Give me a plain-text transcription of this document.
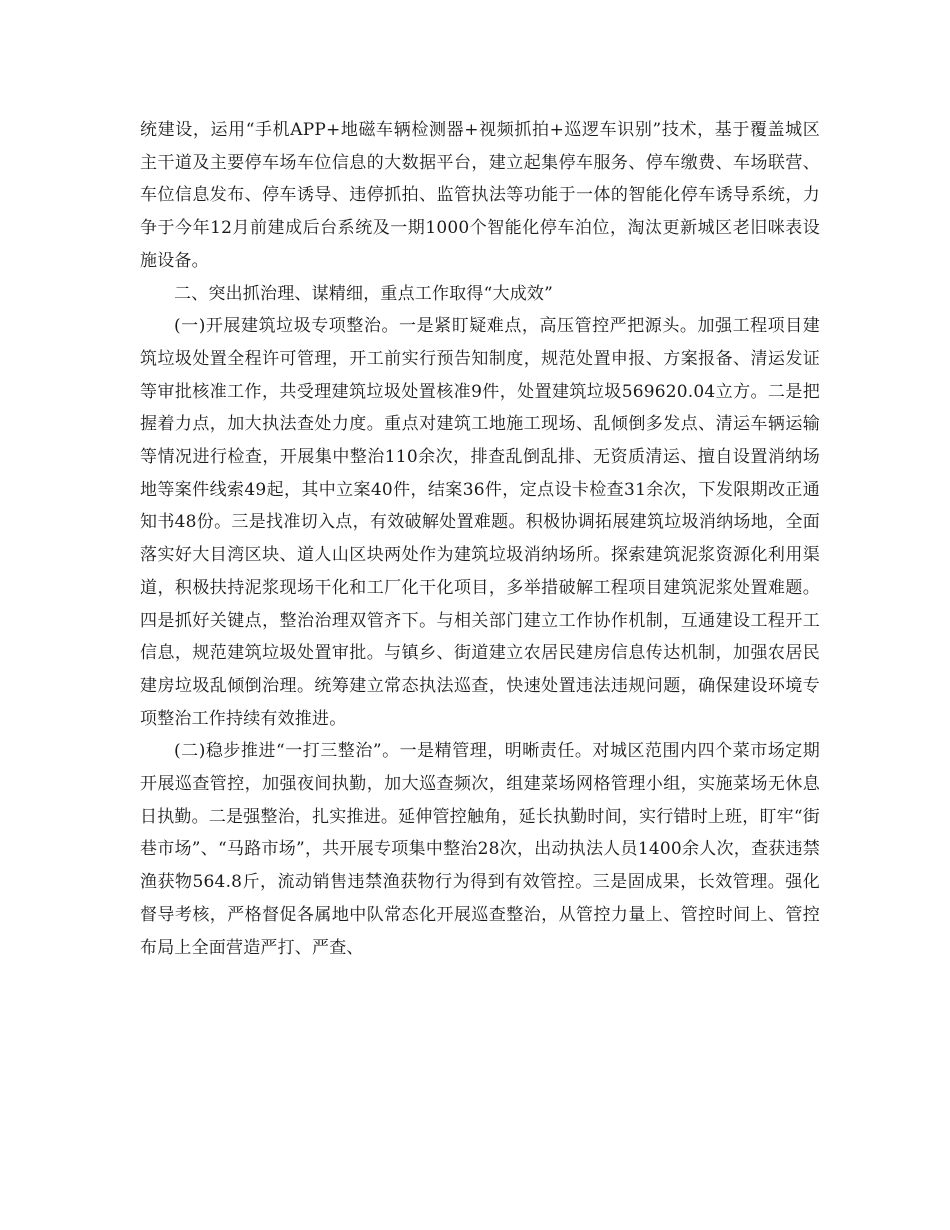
统建设，运用“手机APP+地磁车辆检测器+视频抓拍+巡逻车识别”技术，基于覆盖城区主干道及主要停车场车位信息的大数据平台，建立起集停车服务、停车缴费、车场联营、车位信息发布、停车诱导、违停抓拍、监管执法等功能于一体的智能化停车诱导系统，力争于今年12月前建成后台系统及一期1000个智能化停车泊位，淘汰更新城区老旧咪表设施设备。

二、突出抓治理、谋精细，重点工作取得“大成效”

(一)开展建筑垃圾专项整治。一是紧盯疑难点，高压管控严把源头。加强工程项目建筑垃圾处置全程许可管理，开工前实行预告知制度，规范处置申报、方案报备、清运发证等审批核准工作，共受理建筑垃圾处置核准9件，处置建筑垃圾569620.04立方。二是把握着力点，加大执法查处力度。重点对建筑工地施工现场、乱倾倒多发点、清运车辆运输等情况进行检查，开展集中整治110余次，排查乱倒乱排、无资质清运、擅自设置消纳场地等案件线索49起，其中立案40件，结案36件，定点设卡检查31余次，下发限期改正通知书48份。三是找准切入点，有效破解处置难题。积极协调拓展建筑垃圾消纳场地，全面落实好大目湾区块、道人山区块两处作为建筑垃圾消纳场所。探索建筑泥浆资源化利用渠道，积极扶持泥浆现场干化和工厂化干化项目，多举措破解工程项目建筑泥浆处置难题。四是抓好关键点，整治治理双管齐下。与相关部门建立工作协作机制，互通建设工程开工信息，规范建筑垃圾处置审批。与镇乡、街道建立农居民建房信息传达机制，加强农居民建房垃圾乱倾倒治理。统筹建立常态执法巡查，快速处置违法违规问题，确保建设环境专项整治工作持续有效推进。

(二)稳步推进“一打三整治”。一是精管理，明晰责任。对城区范围内四个菜市场定期开展巡查管控，加强夜间执勤，加大巡查频次，组建菜场网格管理小组，实施菜场无休息日执勤。二是强整治，扎实推进。延伸管控触角，延长执勤时间，实行错时上班，盯牢“街巷市场”、“马路市场”，共开展专项集中整治28次，出动执法人员1400余人次，查获违禁渔获物564.8斤，流动销售违禁渔获物行为得到有效管控。三是固成果，长效管理。强化督导考核，严格督促各属地中队常态化开展巡查整治，从管控力量上、管控时间上、管控布局上全面营造严打、严查、
